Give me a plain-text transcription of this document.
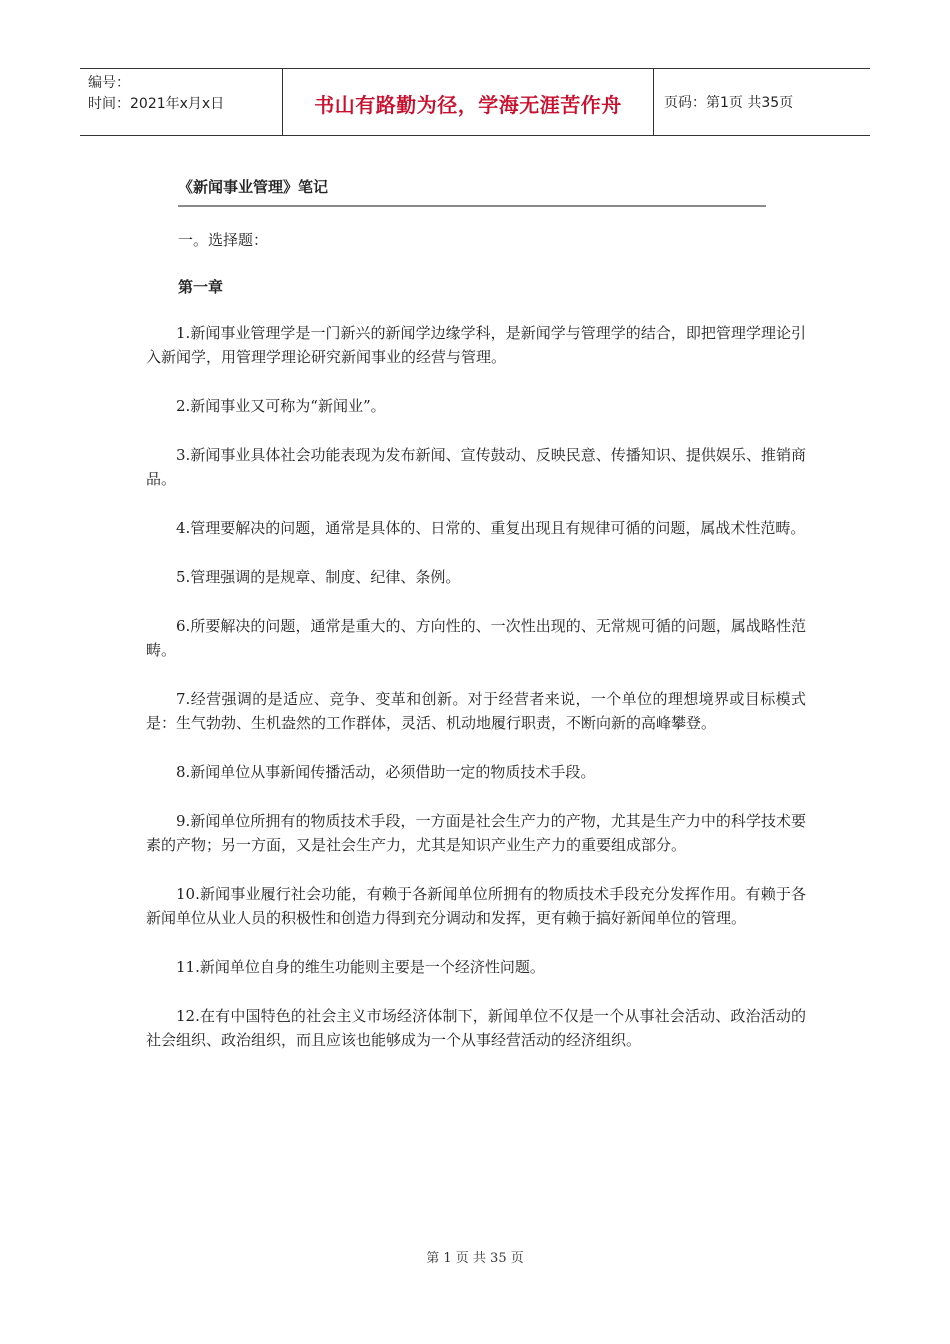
编号：
时间：2021年x月x日	书山有路勤为径，学海无涯苦作舟	页码：第1页 共35页
《新闻事业管理》笔记
一。选择题：
第一章

1.新闻事业管理学是一门新兴的新闻学边缘学科，是新闻学与管理学的结合，即把管理学理论引入新闻学，用管理学理论研究新闻事业的经营与管理。

2.新闻事业又可称为“新闻业”。

3.新闻事业具体社会功能表现为发布新闻、宣传鼓动、反映民意、传播知识、提供娱乐、推销商品。

4.管理要解决的问题，通常是具体的、日常的、重复出现且有规律可循的问题，属战术性范畴。

5.管理强调的是规章、制度、纪律、条例。

6.所要解决的问题，通常是重大的、方向性的、一次性出现的、无常规可循的问题，属战略性范畴。

7.经营强调的是适应、竞争、变革和创新。对于经营者来说，一个单位的理想境界或目标模式是：生气勃勃、生机盎然的工作群体，灵活、机动地履行职责，不断向新的高峰攀登。

8.新闻单位从事新闻传播活动，必须借助一定的物质技术手段。

9.新闻单位所拥有的物质技术手段，一方面是社会生产力的产物，尤其是生产力中的科学技术要素的产物；另一方面，又是社会生产力，尤其是知识产业生产力的重要组成部分。

10.新闻事业履行社会功能，有赖于各新闻单位所拥有的物质技术手段充分发挥作用。有赖于各新闻单位从业人员的积极性和创造力得到充分调动和发挥，更有赖于搞好新闻单位的管理。

11.新闻单位自身的维生功能则主要是一个经济性问题。

12.在有中国特色的社会主义市场经济体制下，新闻单位不仅是一个从事社会活动、政治活动的社会组织、政治组织，而且应该也能够成为一个从事经营活动的经济组织。

第 1 页 共 35 页
